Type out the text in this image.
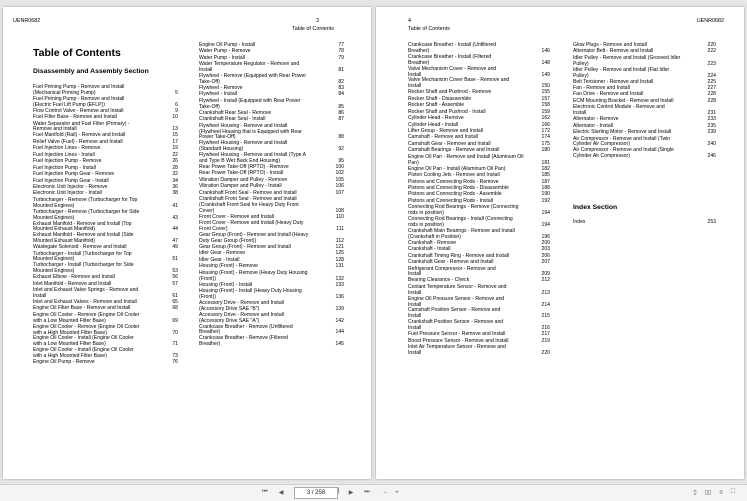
UENR0682	3
Table of Contents
Table of Contents
Disassembly and Assembly Section
Fuel Priming Pump - Remove and Install
(Mechanical Priming Pump)	5
Fuel Priming Pump - Remove and Install
(Electric Fuel Lift Pump (EFLP))	6
Flow Control Valve - Remove and Install	9
Fuel Filter Base - Remove and Install	10
Water Separator and Fuel Filter (Primary) -
Remove and Install	13
Fuel Manifold (Rail) - Remove and Install	15
Relief Valve (Fuel) - Remove and Install	17
Fuel Injection Lines - Remove	19
Fuel Injection Lines - Install	22
Fuel Injection Pump - Remove	26
Fuel Injection Pump - Install	28
Fuel Injection Pump Gear - Remove	32
Fuel Injection Pump Gear - Install	34
Electronic Unit Injector - Remove	36
Electronic Unit Injector - Install	38
Turbocharger - Remove (Turbocharger for Top
Mounted Engines)	41
Turbocharger - Remove (Turbocharger for Side
Mounted Engines)	43
Exhaust Manifold - Remove and Install (Top
Mounted Exhaust Manifold)	44
Exhaust Manifold - Remove and Install (Side
Mounted Exhaust Manifold)	47
Wastegate Solenoid - Remove and Install	49
Turbocharger - Install (Turbocharger for Top
Mounted Engines)	51
Turbocharger - Install (Turbocharger for Side
Mounted Engines)	53
Exhaust Elbow - Remove and Install	56
Inlet Manifold - Remove and Install	57
Inlet and Exhaust Valve Springs - Remove and
Install	61
Inlet and Exhaust Valves - Remove and Install	65
Engine Oil Filter Base - Remove and Install	68
Engine Oil Cooler - Remove (Engine Oil Cooler
with a Low Mounted Filter Base)	69
Engine Oil Cooler - Remove (Engine Oil Cooler
with a High Mounted Filter Base)	70
Engine Oil Cooler - Install (Engine Oil Cooler
with a Low Mounted Filter Base)	71
Engine Oil Cooler - Install (Engine Oil Cooler
with a High Mounted Filter Base)	73
Engine Oil Pump - Remove	76
Engine Oil Pump - Install	77
Water Pump - Remove	78
Water Pump - Install	79
Water Temperature Regulator - Remove and
Install	81
Flywheel - Remove (Equipped with Rear Power
Take-Off)	82
Flywheel - Remove	83
Flywheel - Install	84
Flywheel - Install (Equipped with Rear Power
Take-Off)	85
Crankshaft Rear Seal - Remove	86
Crankshaft Rear Seal - Install	87
Flywheel Housing - Remove and Install
(Flywheel Housing that is Equipped with Rear
Power Take-Off)	88
Flywheel Housing - Remove and Install
(Standard Housing)	92
Flywheel Housing - Remove and Install (Type A
and Type B Wet Back End Housing)	95
Rear Power Take-Off (RPTO) - Remove	100
Rear Power Take-Off (RPTO) - Install	102
Vibration Damper and Pulley - Remove	105
Vibration Damper and Pulley - Install	106
Crankshaft Front Seal - Remove and Install	107
Crankshaft Front Seal - Remove and Install
(Crankshaft Front Seal for Heavy Duty Front
Cover)	108
Front Cover - Remove and Install	110
Front Cover - Remove and Install (Heavy Duty
Front Cover)	111
Gear Group (Front) - Remove and Install (Heavy
Duty Gear Group (Front))	112
Gear Group (Front) - Remove and Install	121
Idler Gear - Remove	125
Idler Gear - Install	128
Housing (Front) - Remove	131
Housing (Front) - Remove (Heavy Duty Housing
(Front))	132
Housing (Front) - Install	133
Housing (Front) - Install (Heavy Duty Housing
(Front))	136
Accessory Drive - Remove and Install
(Accessory Drive SAE "B")	139
Accessory Drive - Remove and Install
(Accessory Drive SAE "A")	142
Crankcase Breather - Remove (Unfiltered
Breather)	144
Crankcase Breather - Remove (Filtered
Breather)	145
4	UENR0682
Table of Contents
Crankcase Breather - Install (Unfiltered
Breather)	146
Crankcase Breather - Install (Filtered
Breather)	148
Valve Mechanism Cover - Remove and
Install	149
Valve Mechanism Cover Base - Remove and
Install	150
Rocker Shaft and Pushrod - Remove	155
Rocker Shaft - Disassemble	157
Rocker Shaft - Assemble	158
Rocker Shaft and Pushrod - Install	159
Cylinder Head - Remove	162
Cylinder Head - Install	166
Lifter Group - Remove and Install	172
Camshaft - Remove and Install	174
Camshaft Gear - Remove and Install	175
Camshaft Bearings - Remove and Install	180
Engine Oil Pan - Remove and Install (Aluminum Oil
Pan)	181
Engine Oil Pan - Install (Aluminum Oil Pan)	182
Piston Cooling Jets - Remove and Install	185
Pistons and Connecting Rods - Remove	187
Pistons and Connecting Rods - Disassemble	188
Pistons and Connecting Rods - Assemble	190
Pistons and Connecting Rods - Install	192
Connecting Rod Bearings - Remove (Connecting
rods in position)	194
Connecting Rod Bearings - Install (Connecting
rods in position)	194
Crankshaft Main Bearings - Remove and Install
(Crankshaft in Position)	196
Crankshaft - Remove	200
Crankshaft - Install	203
Crankshaft Timing Ring - Remove and Install	206
Crankshaft Gear - Remove and Install	207
Refrigerant Compressor - Remove and
Install	209
Bearing Clearance - Check	212
Coolant Temperature Sensor - Remove and
Install	213
Engine Oil Pressure Sensor - Remove and
Install	214
Camshaft Position Sensor - Remove and
Install	215
Crankshaft Position Sensor - Remove and
Install	216
Fuel Pressure Sensor - Remove and Install	217
Boost Pressure Sensor - Remove and Install	219
Inlet Air Temperature Sensor - Remove and
Install	220
Glow Plugs - Remove and Install	220
Alternator Belt - Remove and Install	222
Idler Pulley - Remove and Install (Grooved Idler
Pulley)	223
Idler Pulley - Remove and Install (Flat Idler
Pulley)	224
Belt Tensioner - Remove and Install	225
Fan - Remove and Install	227
Fan Drive - Remove and Install	228
ECM Mounting Bracket - Remove and Install	228
Electronic Control Module - Remove and
Install	231
Alternator - Remove	233
Alternator - Install	235
Electric Starting Motor - Remove and Install	239
Air Compressor - Remove and Install (Twin
Cylinder Air Compressor)	240
Air Compressor - Remove and Install (Single
Cylinder Air Compressor)	246
Index Section
Index	253
⏮ ◀	3 / 258	| ▶ ⏭ − +	▯ ▯▯ ≡ ⛶
